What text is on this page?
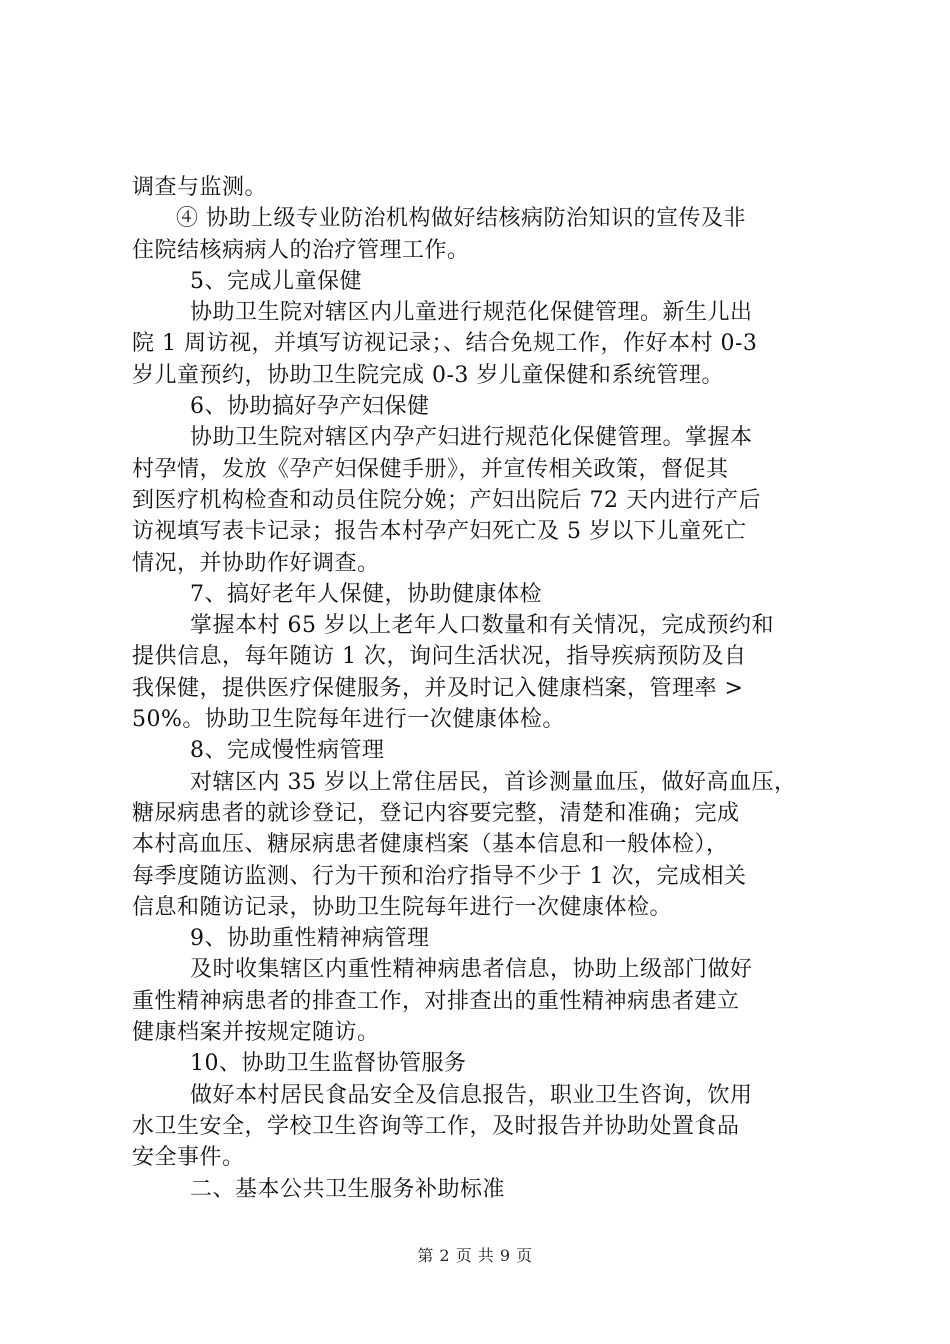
调查与监测。
④ 协助上级专业防治机构做好结核病防治知识的宣传及非
住院结核病病人的治疗管理工作。
5、完成儿童保健
协助卫生院对辖区内儿童进行规范化保健管理。新生儿出
院 1 周访视，并填写访视记录；、结合免规工作，作好本村 0-3
岁儿童预约，协助卫生院完成 0-3 岁儿童保健和系统管理。
6、协助搞好孕产妇保健
协助卫生院对辖区内孕产妇进行规范化保健管理。掌握本
村孕情，发放《孕产妇保健手册》，并宣传相关政策，督促其
到医疗机构检查和动员住院分娩；产妇出院后 72 天内进行产后
访视填写表卡记录；报告本村孕产妇死亡及 5 岁以下儿童死亡
情况，并协助作好调查。
7、搞好老年人保健，协助健康体检
掌握本村 65 岁以上老年人口数量和有关情况，完成预约和
提供信息，每年随访 1 次，询问生活状况，指导疾病预防及自
我保健，提供医疗保健服务，并及时记入健康档案，管理率 >
50%。协助卫生院每年进行一次健康体检。
8、完成慢性病管理
对辖区内 35 岁以上常住居民，首诊测量血压，做好高血压，
糖尿病患者的就诊登记，登记内容要完整，清楚和准确；完成
本村高血压、糖尿病患者健康档案（基本信息和一般体检），
每季度随访监测、行为干预和治疗指导不少于 1 次，完成相关
信息和随访记录，协助卫生院每年进行一次健康体检。
9、协助重性精神病管理
及时收集辖区内重性精神病患者信息，协助上级部门做好
重性精神病患者的排查工作，对排查出的重性精神病患者建立
健康档案并按规定随访。
10、协助卫生监督协管服务
做好本村居民食品安全及信息报告，职业卫生咨询，饮用
水卫生安全，学校卫生咨询等工作，及时报告并协助处置食品
安全事件。
二、基本公共卫生服务补助标准
第 2 页 共 9 页
